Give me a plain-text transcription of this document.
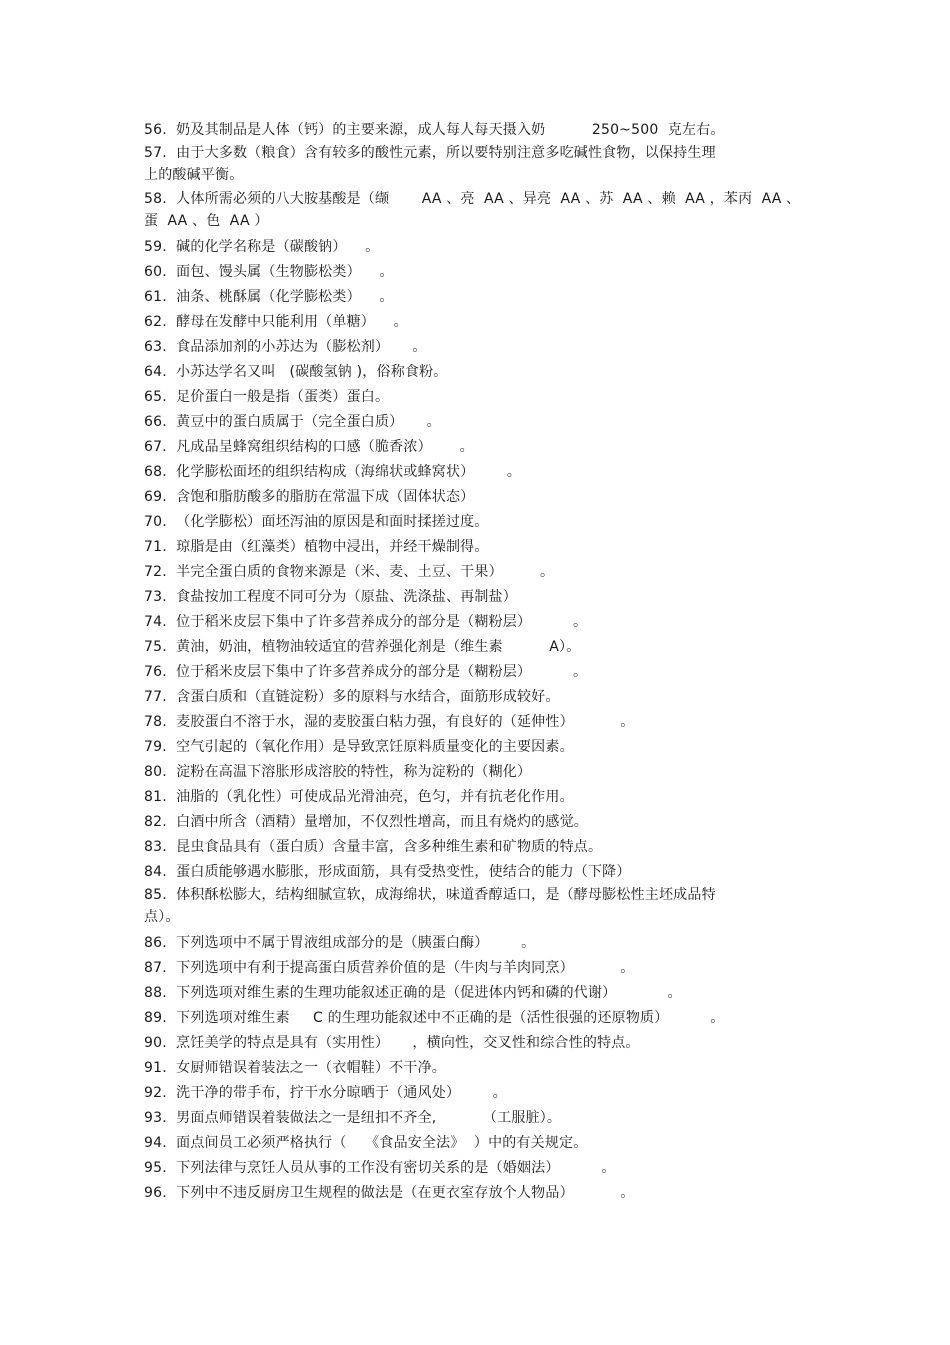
56.  奶及其制品是人体（钙）的主要来源，成人每人每天摄入奶          250~500  克左右。
57.  由于大多数（粮食）含有较多的酸性元素，所以要特别注意多吃碱性食物，以保持生理
上的酸碱平衡。
58.  人体所需必须的八大胺基酸是（缬       AA 、亮  AA 、异亮  AA 、苏  AA 、赖  AA ，苯丙  AA 、
蛋  AA 、色  AA ）
59.  碱的化学名称是（碳酸钠）    。
60.  面包、馒头属（生物膨松类）    。
61.  油条、桃酥属（化学膨松类）    。
62.  酵母在发酵中只能利用（单糖）    。
63.  食品添加剂的小苏达为（膨松剂）     。
64.  小苏达学名又叫   (碳酸氢钠 )，俗称食粉。
65.  足价蛋白一般是指（蛋类）蛋白。
66.  黄豆中的蛋白质属于（完全蛋白质）     。
67.  凡成品呈蜂窝组织结构的口感（脆香浓）      。
68.  化学膨松面坯的组织结构成（海绵状或蜂窝状）       。
69.  含饱和脂肪酸多的脂肪在常温下成（固体状态）
70.  （化学膨松）面坯泻油的原因是和面时揉搓过度。
71.  琼脂是由（红藻类）植物中浸出，并经干燥制得。
72.  半完全蛋白质的食物来源是（米、麦、土豆、干果）        。
73.  食盐按加工程度不同可分为（原盐、洗涤盐、再制盐）
74.  位于稻米皮层下集中了许多营养成分的部分是（糊粉层）         。
75.  黄油，奶油，植物油较适宜的营养强化剂是（维生素          A）。
76.  位于稻米皮层下集中了许多营养成分的部分是（糊粉层）         。
77.  含蛋白质和（直链淀粉）多的原料与水结合，面筋形成较好。
78.  麦胶蛋白不溶于水，湿的麦胶蛋白粘力强，有良好的（延伸性）          。
79.  空气引起的（氧化作用）是导致烹饪原料质量变化的主要因素。
80.  淀粉在高温下溶胀形成溶胶的特性，称为淀粉的（糊化）
81.  油脂的（乳化性）可使成品光滑油亮，色匀，并有抗老化作用。
82.  白酒中所含（酒精）量增加，不仅烈性增高，而且有烧灼的感觉。
83.  昆虫食品具有（蛋白质）含量丰富，含多种维生素和矿物质的特点。
84.  蛋白质能够遇水膨胀，形成面筋，具有受热变性，使结合的能力（下降）
85.  体积酥松膨大，结构细腻宣软，成海绵状，味道香醇适口，是（酵母膨松性主坯成品特
点）。
86.  下列选项中不属于胃液组成部分的是（胰蛋白酶）       。
87.  下列选项中有利于提高蛋白质营养价值的是（牛肉与羊肉同烹）          。
88.  下列选项对维生素的生理功能叙述正确的是（促进体内钙和磷的代谢）           。
89.  下列选项对维生素     C 的生理功能叙述中不正确的是（活性很强的还原物质）         。
90.  烹饪美学的特点是具有（实用性）     ，横向性，交叉性和综合性的特点。
91.  女厨师错误着装法之一（衣帽鞋）不干净。
92.  洗干净的带手布，拧干水分晾晒于（通风处）       。
93.  男面点师错误着装做法之一是纽扣不齐全,          （工服脏）。
94.  面点间员工必须严格执行（    《食品安全法》  ）中的有关规定。
95.  下列法律与烹饪人员从事的工作没有密切关系的是（婚姻法）         。
96.  下列中不违反厨房卫生规程的做法是（在更衣室存放个人物品）          。
